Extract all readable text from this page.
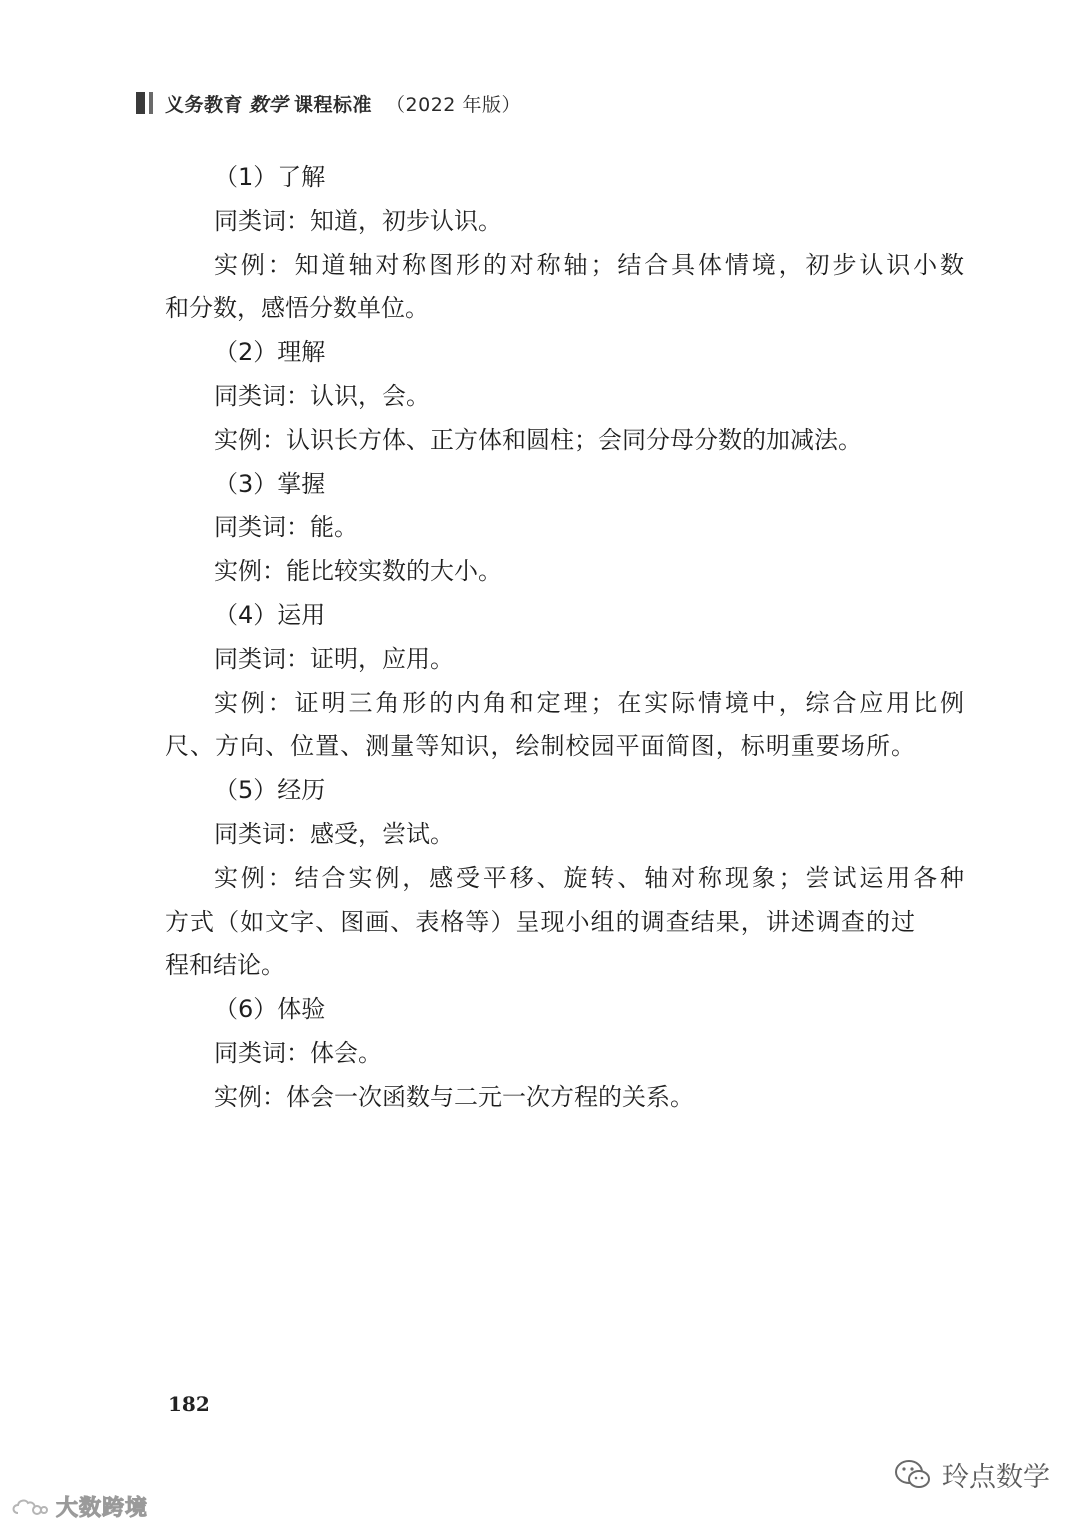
义务教育 数学 课程标准 （2022 年版）
（1）了解
同类词：知道，初步认识。
实例：知道轴对称图形的对称轴；结合具体情境，初步认识小数
和分数，感悟分数单位。
（2）理解
同类词：认识，会。
实例：认识长方体、正方体和圆柱；会同分母分数的加减法。
（3）掌握
同类词：能。
实例：能比较实数的大小。
（4）运用
同类词：证明，应用。
实例：证明三角形的内角和定理；在实际情境中，综合应用比例
尺、方向、位置、测量等知识，绘制校园平面简图，标明重要场所。
（5）经历
同类词：感受，尝试。
实例：结合实例，感受平移、旋转、轴对称现象；尝试运用各种
方式（如文字、图画、表格等）呈现小组的调查结果，讲述调查的过
程和结论。
（6）体验
同类词：体会。
实例：体会一次函数与二元一次方程的关系。
182
大数跨境
玲点数学
